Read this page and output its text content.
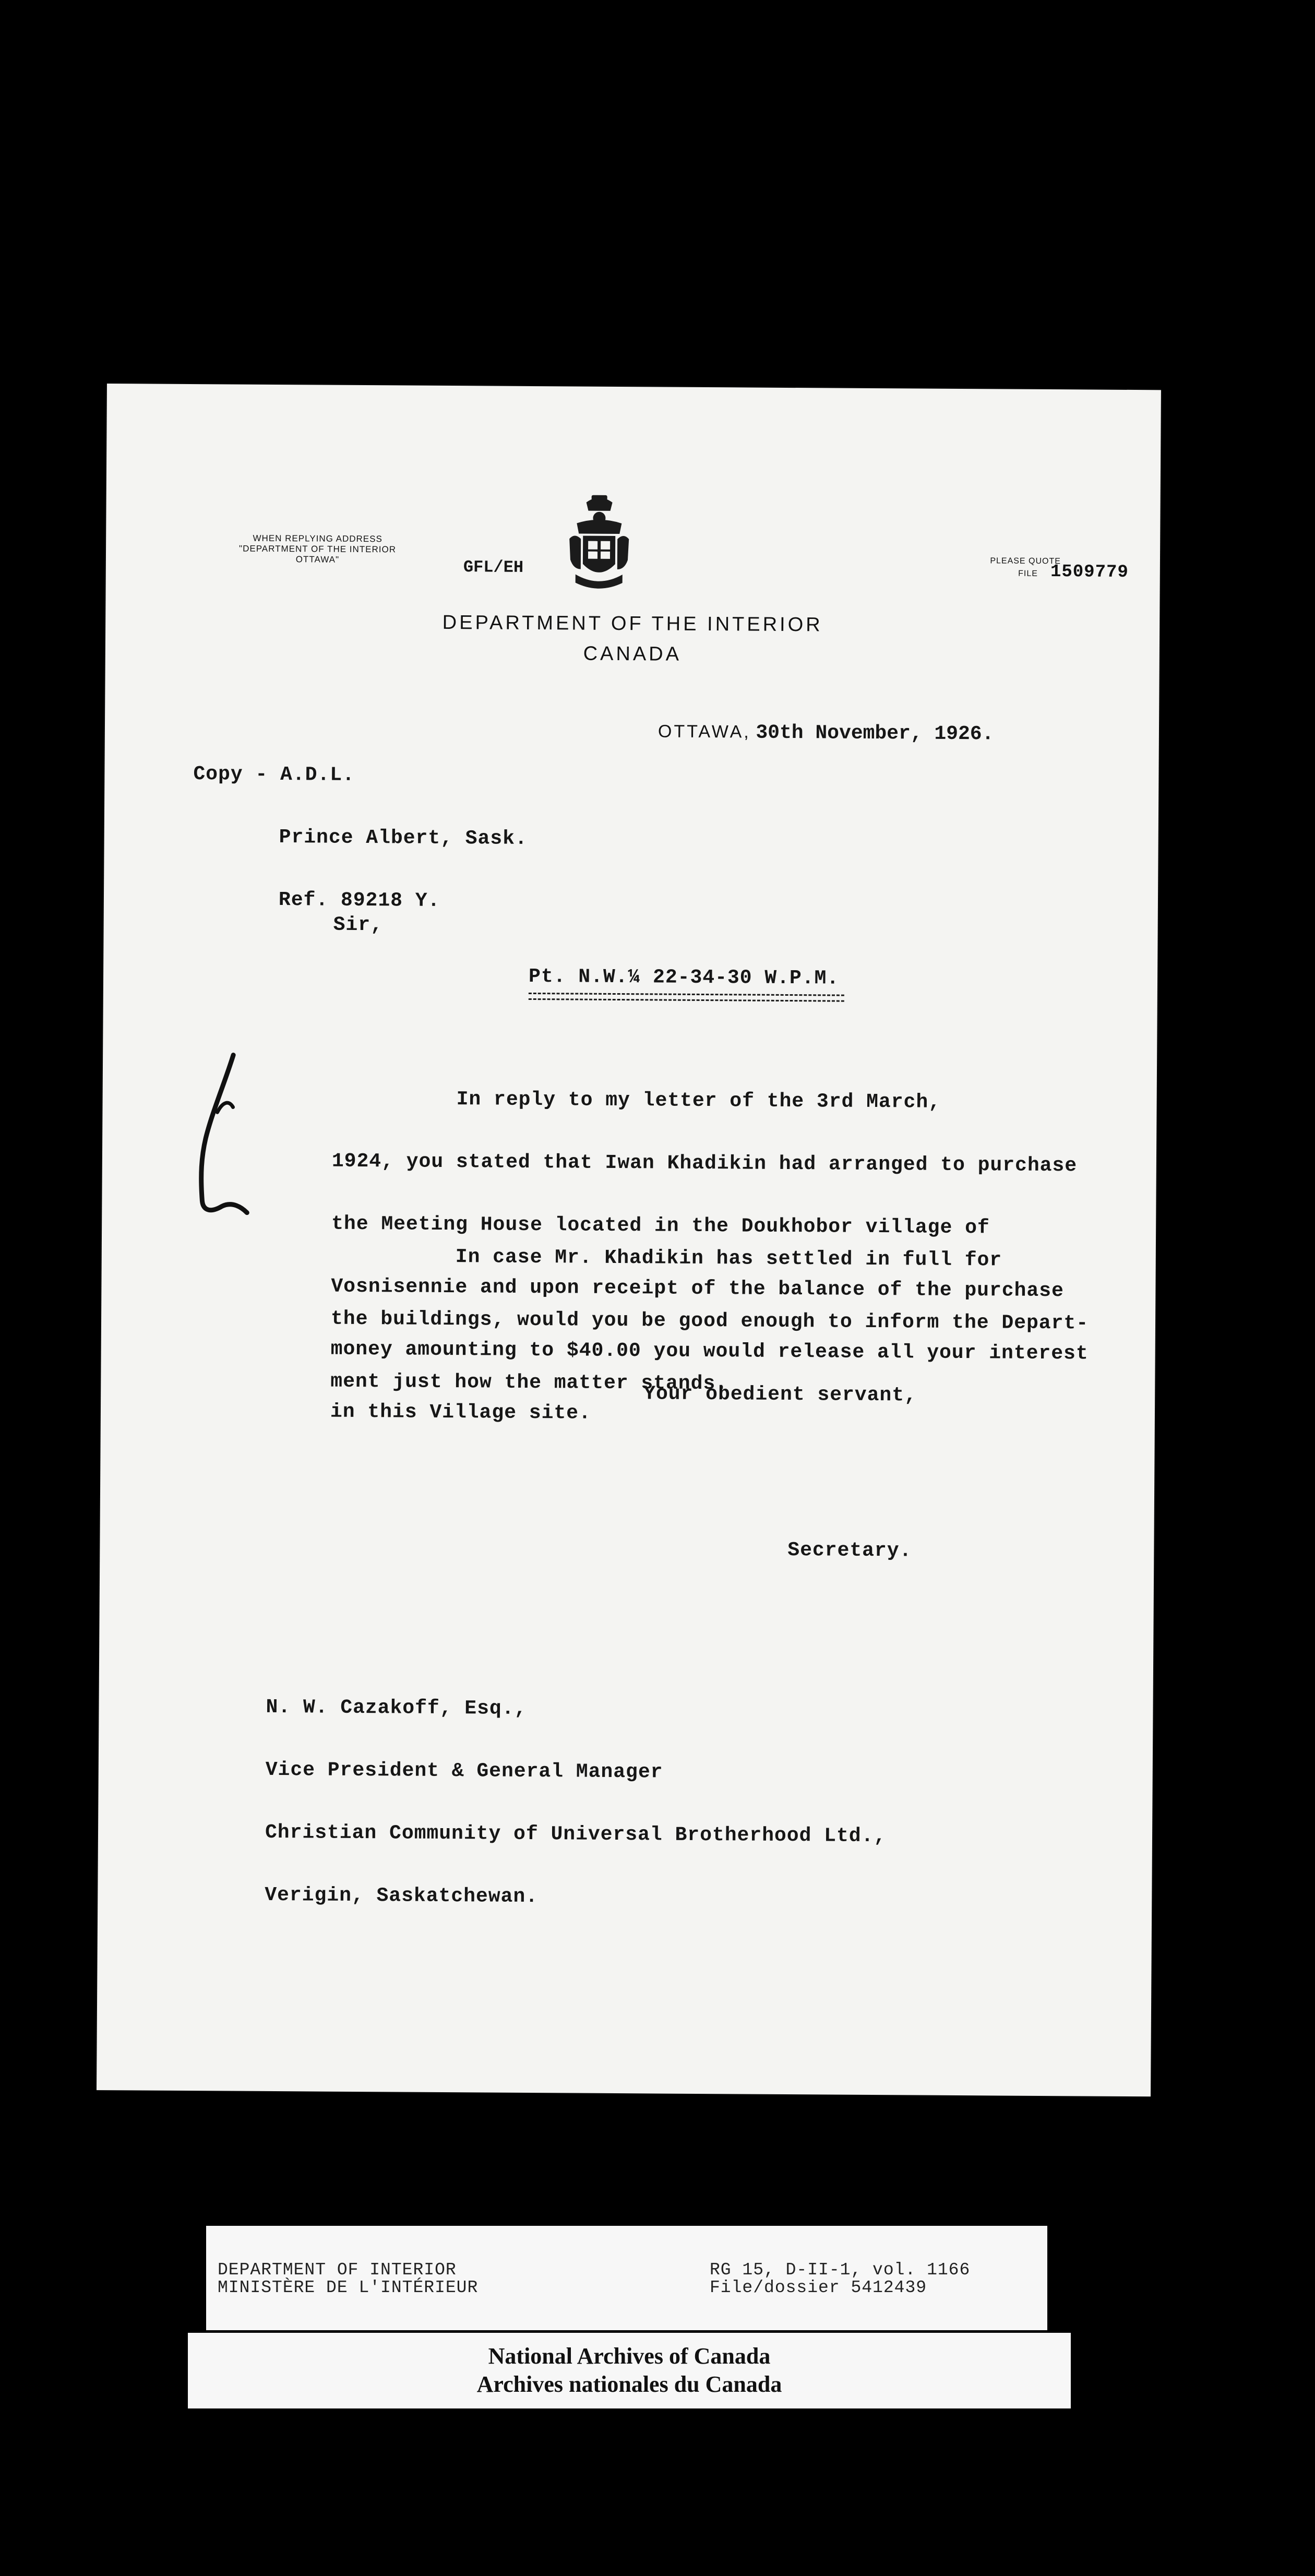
WHEN REPLYING ADDRESS
"DEPARTMENT OF THE INTERIOR
OTTAWA"	GFL/EH	PLEASE QUOTE
FILE 1509779
DEPARTMENT OF THE INTERIOR
CANADA

Copy - A.D.L.

Prince Albert, Sask.

Ref. 89218 Y.

OTTAWA, 30th November, 1926.
Sir,
Pt. N.W.¼ 22-34-30 W.P.M.

In reply to my letter of the 3rd March,

1924, you stated that Iwan Khadikin had arranged to purchase

the Meeting House located in the Doukhobor village of

Vosnisennie and upon receipt of the balance of the purchase

money amounting to $40.00 you would release all your interest

in this Village site.

In case Mr. Khadikin has settled in full for

the buildings, would you be good enough to inform the Depart-

ment just how the matter stands.

Your obedient servant,
Secretary.

N. W. Cazakoff, Esq.,

Vice President & General Manager

Christian Community of Universal Brotherhood Ltd.,

Verigin, Saskatchewan.

DEPARTMENT OF INTERIOR
MINISTÈRE DE L'INTÉRIEUR
RG 15, D-II-1, vol. 1166
File/dossier 5412439
National Archives of Canada
Archives nationales du Canada
